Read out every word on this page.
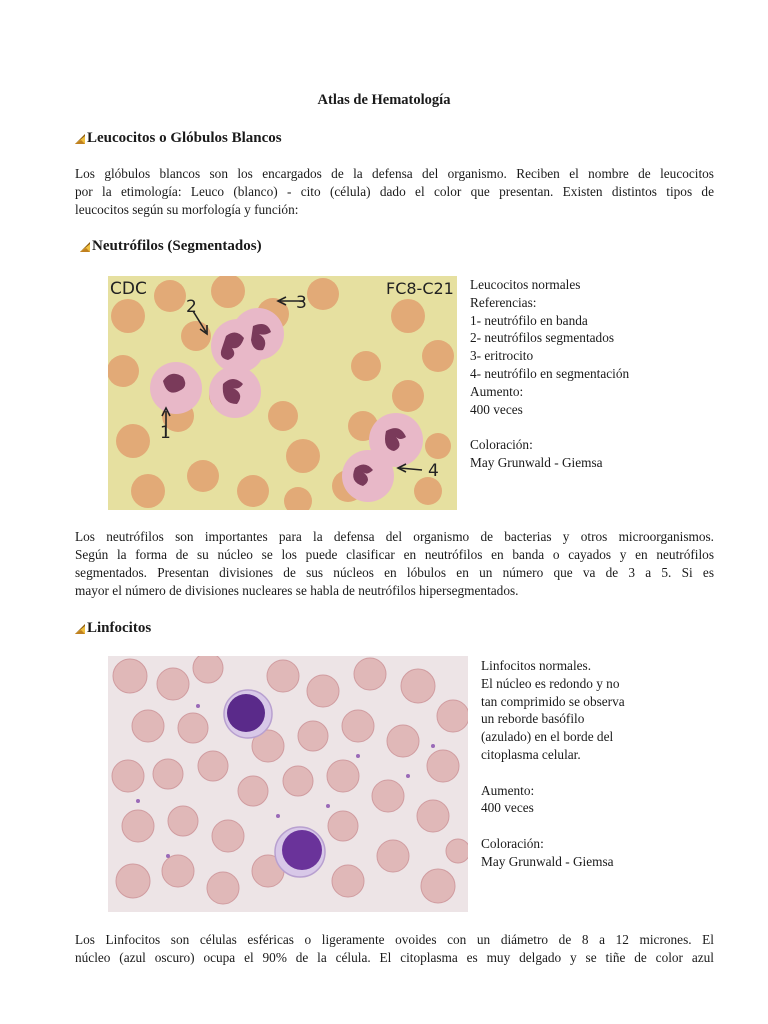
Atlas de Hematología
Leucocitos o Glóbulos Blancos
Los glóbulos blancos son los encargados de la defensa del organismo. Reciben el nombre de leucocitos
por la etimología: Leuco (blanco) - cito (célula) dado el color que presentan. Existen distintos tipos de
leucocitos según su morfología y función:
Neutrófilos (Segmentados)
CDC	FC8-C21
1
2	3
4
Leucocitos normales
Referencias:
1- neutrófilo en banda
2- neutrófilos segmentados
3- eritrocito
4- neutrófilo en segmentación
Aumento:
400 veces
Coloración:
May Grunwald - Giemsa
Los neutrófilos son importantes para la defensa del organismo de bacterias y otros microorganismos.
Según la forma de su núcleo se los puede clasificar en neutrófilos en banda o cayados y en neutrófilos
segmentados. Presentan divisiones de sus núcleos en lóbulos en un número que va de 3 a 5. Si es
mayor el número de divisiones nucleares se habla de neutrófilos hipersegmentados.
Linfocitos
Linfocitos normales.
El núcleo es redondo y no
tan comprimido se observa
un reborde basófilo
(azulado) en el borde del
citoplasma celular.
Aumento:
400 veces
Coloración:
May Grunwald - Giemsa
Los Linfocitos son células esféricas o ligeramente ovoides con un diámetro de 8 a 12 micrones. El
núcleo (azul oscuro) ocupa el 90% de la célula. El citoplasma es muy delgado y se tiñe de color azul
